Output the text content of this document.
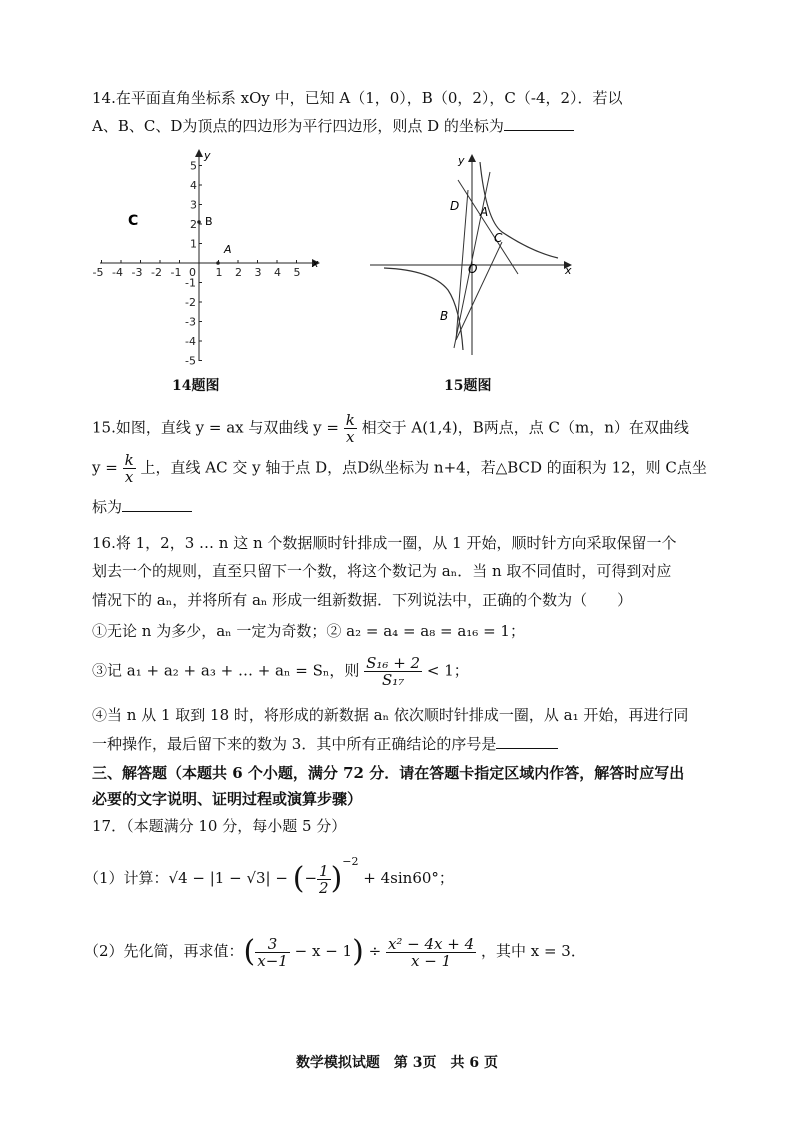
14.在平面直角坐标系 xOy 中，已知 A（1，0），B（0，2），C（-4，2）．若以
A、B、C、D为顶点的四边形为平行四边形，则点 D 的坐标为
-5 -4 -3 -2 -1 0 1 2 3 4 5
5
4
3
2
1
-1
-2
-3
-4
-5
x
y
C	B
A
14题图
D A
C
O
B
x
y
15题图
15.如图，直线 y = ax 与双曲线 $y = \frac{k}{x}$ 相交于 A(1,4)，B两点，点 C（m，n）在双曲线
$y = \frac{k}{x}$ 上，直线 AC 交 y 轴于点 D，点D纵坐标为 n+4，若△BCD 的面积为 12，则 C点坐
标为
16.将 1，2，3 … n 这 n 个数据顺时针排成一圈，从 1 开始，顺时针方向采取保留一个
划去一个的规则，直至只留下一个数，将这个数记为 aₙ．当 n 取不同值时，可得到对应
情况下的 aₙ，并将所有 aₙ 形成一组新数据．下列说法中，正确的个数为（　　）
①无论 n 为多少，aₙ 一定为奇数；② a₂ = a₄ = a₈ = a₁₆ = 1；
③记 a₁ + a₂ + a₃ + … + aₙ = Sₙ，则 $\frac{\text{S₁₆ + 2}}{\text{S₁₇}} < 1$；
④当 n 从 1 取到 18 时，将形成的新数据 aₙ 依次顺时针排成一圈，从 a₁ 开始，再进行同
一种操作，最后留下来的数为 3．其中所有正确结论的序号是
三、解答题（本题共 6 个小题，满分 72 分．请在答题卡指定区域内作答，解答时应写出
必要的文字说明、证明过程或演算步骤）
17．（本题满分 10 分，每小题 5 分）
（1）计算：√4 − |1 − √3| − (− $\frac{1}{2} )^{-2} + 4\sin 60^\circ$；
（2）先化简，再求值：( $\frac{3}{x-1} - x - 1) \div \frac{\text{x² − 4x + 4}}{x - 1}$ ，其中 x = 3．
数学模拟试题　第 3页　共 6 页
